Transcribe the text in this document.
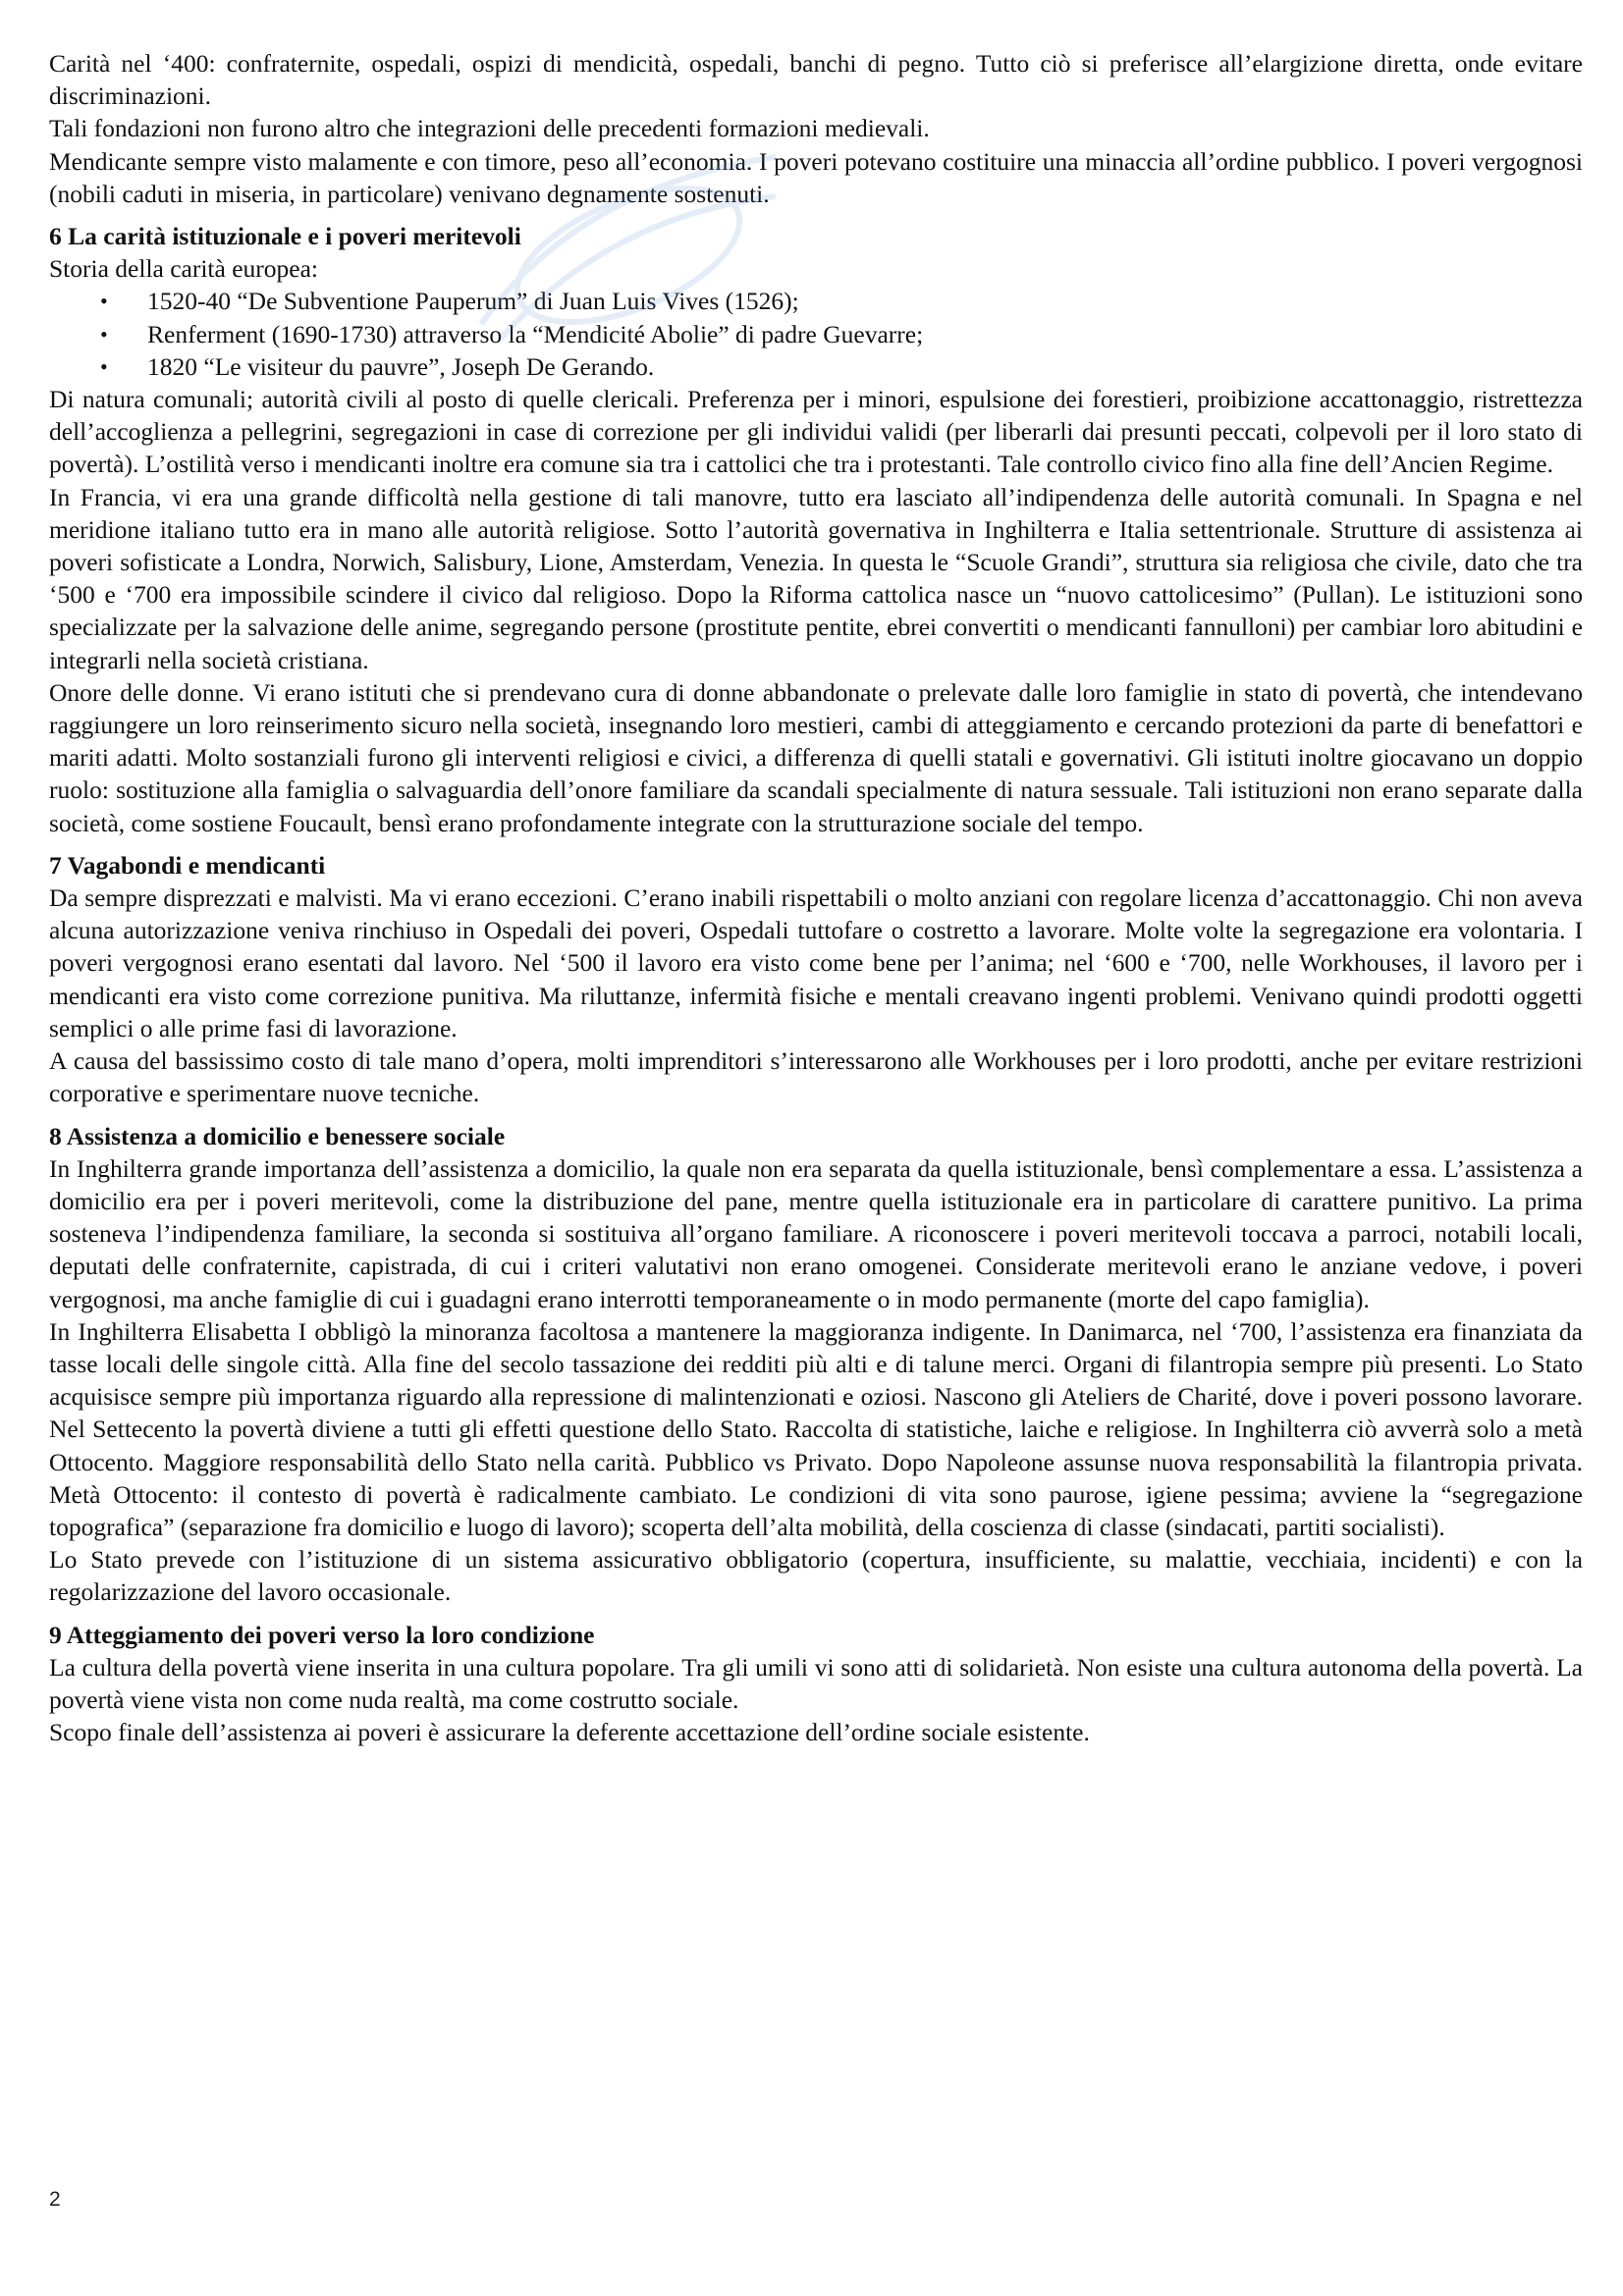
Carità nel ‘400: confraternite, ospedali, ospizi di mendicità, ospedali, banchi di pegno. Tutto ciò si preferisce all’elargizione diretta, onde evitare discriminazioni.

Tali fondazioni non furono altro che integrazioni delle precedenti formazioni medievali.

Mendicante sempre visto malamente e con timore, peso all’economia. I poveri potevano costituire una minaccia all’ordine pubblico. I poveri vergognosi (nobili caduti in miseria, in particolare) venivano degnamente sostenuti.

6 La carità istituzionale e i poveri meritevoli

Storia della carità europea:

• 1520-40 “De Subventione Pauperum” di Juan Luis Vives (1526);
• Renferment (1690-1730) attraverso la “Mendicité Abolie” di padre Guevarre;
• 1820 “Le visiteur du pauvre”, Joseph De Gerando.

Di natura comunali; autorità civili al posto di quelle clericali. Preferenza per i minori, espulsione dei forestieri, proibizione accattonaggio, ristrettezza dell’accoglienza a pellegrini, segregazioni in case di correzione per gli individui validi (per liberarli dai presunti peccati, colpevoli per il loro stato di povertà). L’ostilità verso i mendicanti inoltre era comune sia tra i cattolici che tra i protestanti. Tale controllo civico fino alla fine dell’Ancien Regime.

In Francia, vi era una grande difficoltà nella gestione di tali manovre, tutto era lasciato all’indipendenza delle autorità comunali. In Spagna e nel meridione italiano tutto era in mano alle autorità religiose. Sotto l’autorità governativa in Inghilterra e Italia settentrionale. Strutture di assistenza ai poveri sofisticate a Londra, Norwich, Salisbury, Lione, Amsterdam, Venezia. In questa le “Scuole Grandi”, struttura sia religiosa che civile, dato che tra ‘500 e ‘700 era impossibile scindere il civico dal religioso. Dopo la Riforma cattolica nasce un “nuovo cattolicesimo” (Pullan). Le istituzioni sono specializzate per la salvazione delle anime, segregando persone (prostitute pentite, ebrei convertiti o mendicanti fannulloni) per cambiar loro abitudini e integrarli nella società cristiana.

Onore delle donne. Vi erano istituti che si prendevano cura di donne abbandonate o prelevate dalle loro famiglie in stato di povertà, che intendevano raggiungere un loro reinserimento sicuro nella società, insegnando loro mestieri, cambi di atteggiamento e cercando protezioni da parte di benefattori e mariti adatti. Molto sostanziali furono gli interventi religiosi e civici, a differenza di quelli statali e governativi. Gli istituti inoltre giocavano un doppio ruolo: sostituzione alla famiglia o salvaguardia dell’onore familiare da scandali specialmente di natura sessuale. Tali istituzioni non erano separate dalla società, come sostiene Foucault, bensì erano profondamente integrate con la strutturazione sociale del tempo.

7 Vagabondi e mendicanti

Da sempre disprezzati e malvisti. Ma vi erano eccezioni. C’erano inabili rispettabili o molto anziani con regolare licenza d’accattonaggio. Chi non aveva alcuna autorizzazione veniva rinchiuso in Ospedali dei poveri, Ospedali tuttofare o costretto a lavorare. Molte volte la segregazione era volontaria. I poveri vergognosi erano esentati dal lavoro. Nel ‘500 il lavoro era visto come bene per l’anima; nel ‘600 e ‘700, nelle Workhouses, il lavoro per i mendicanti era visto come correzione punitiva. Ma riluttanze, infermità fisiche e mentali creavano ingenti problemi. Venivano quindi prodotti oggetti semplici o alle prime fasi di lavorazione.

A causa del bassissimo costo di tale mano d’opera, molti imprenditori s’interessarono alle Workhouses per i loro prodotti, anche per evitare restrizioni corporative e sperimentare nuove tecniche.

8 Assistenza a domicilio e benessere sociale

In Inghilterra grande importanza dell’assistenza a domicilio, la quale non era separata da quella istituzionale, bensì complementare a essa. L’assistenza a domicilio era per i poveri meritevoli, come la distribuzione del pane, mentre quella istituzionale era in particolare di carattere punitivo. La prima sosteneva l’indipendenza familiare, la seconda si sostituiva all’organo familiare. A riconoscere i poveri meritevoli toccava a parroci, notabili locali, deputati delle confraternite, capistrada, di cui i criteri valutativi non erano omogenei. Considerate meritevoli erano le anziane vedove, i poveri vergognosi, ma anche famiglie di cui i guadagni erano interrotti temporaneamente o in modo permanente (morte del capo famiglia).

In Inghilterra Elisabetta I obbligò la minoranza facoltosa a mantenere la maggioranza indigente. In Danimarca, nel ‘700, l’assistenza era finanziata da tasse locali delle singole città. Alla fine del secolo tassazione dei redditi più alti e di talune merci. Organi di filantropia sempre più presenti. Lo Stato acquisisce sempre più importanza riguardo alla repressione di malintenzionati e oziosi. Nascono gli Ateliers de Charité, dove i poveri possono lavorare. Nel Settecento la povertà diviene a tutti gli effetti questione dello Stato. Raccolta di statistiche, laiche e religiose. In Inghilterra ciò avverrà solo a metà Ottocento. Maggiore responsabilità dello Stato nella carità. Pubblico vs Privato. Dopo Napoleone assunse nuova responsabilità la filantropia privata. Metà Ottocento: il contesto di povertà è radicalmente cambiato. Le condizioni di vita sono paurose, igiene pessima; avviene la “segregazione topografica” (separazione fra domicilio e luogo di lavoro); scoperta dell’alta mobilità, della coscienza di classe (sindacati, partiti socialisti).

Lo Stato prevede con l’istituzione di un sistema assicurativo obbligatorio (copertura, insufficiente, su malattie, vecchiaia, incidenti) e con la regolarizzazione del lavoro occasionale.

9 Atteggiamento dei poveri verso la loro condizione

La cultura della povertà viene inserita in una cultura popolare. Tra gli umili vi sono atti di solidarietà. Non esiste una cultura autonoma della povertà. La povertà viene vista non come nuda realtà, ma come costrutto sociale.

Scopo finale dell’assistenza ai poveri è assicurare la deferente accettazione dell’ordine sociale esistente.

2
